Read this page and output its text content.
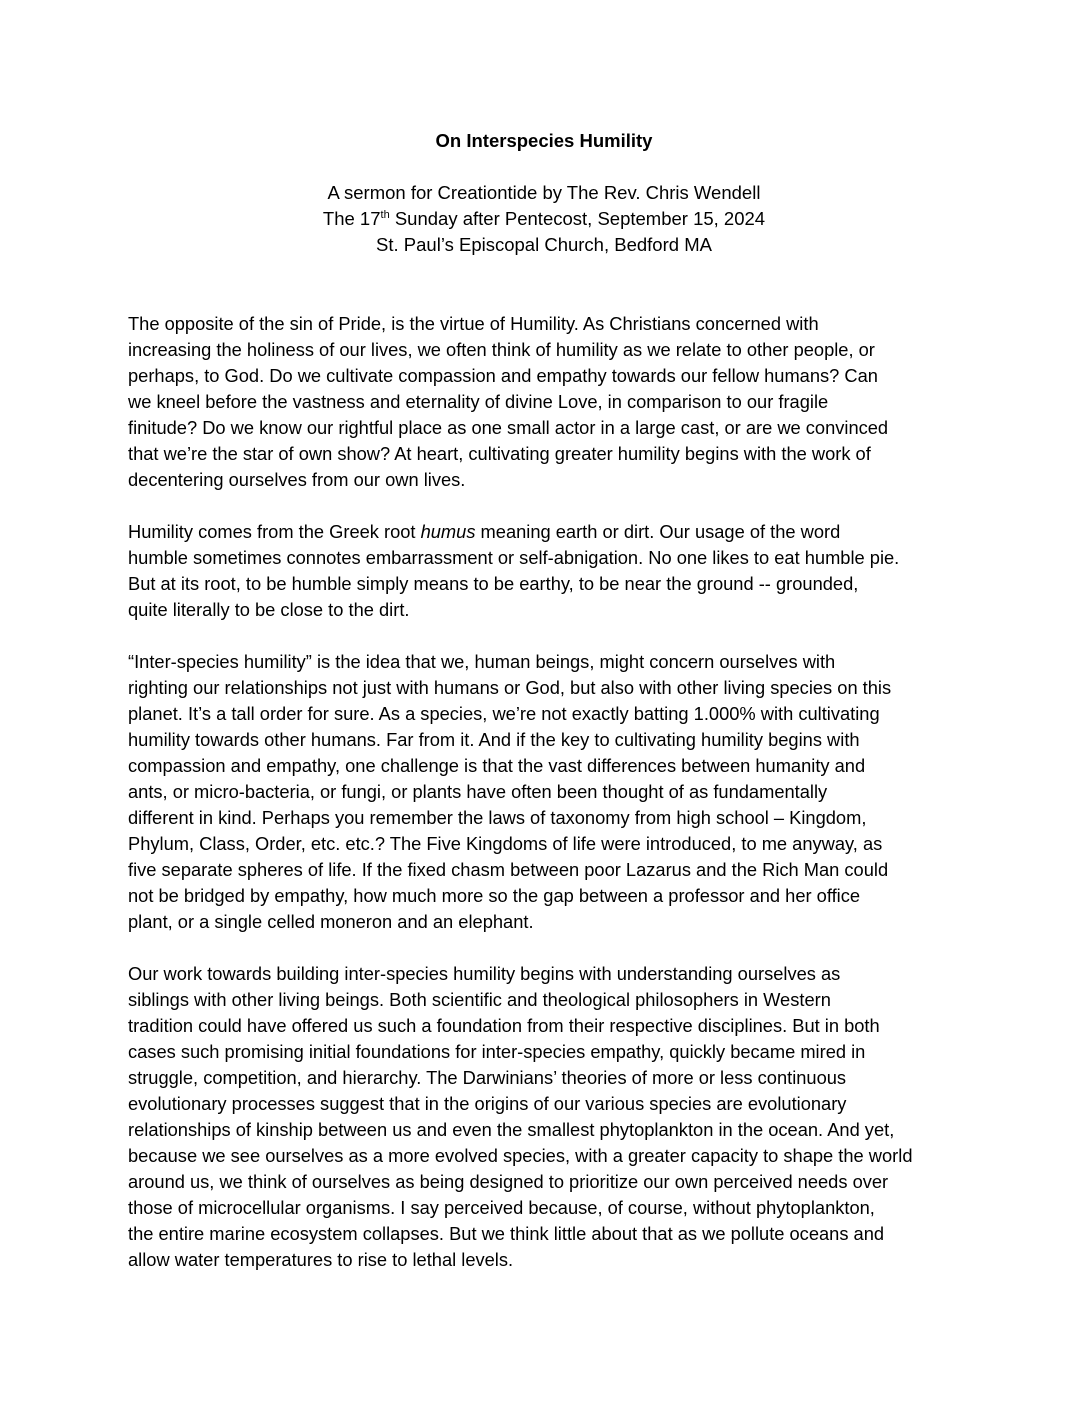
On Interspecies Humility

A sermon for Creationtide by The Rev. Chris Wendell
The 17th Sunday after Pentecost, September 15, 2024
St. Paul’s Episcopal Church, Bedford MA

The opposite of the sin of Pride, is the virtue of Humility. As Christians concerned with
increasing the holiness of our lives, we often think of humility as we relate to other people, or
perhaps, to God. Do we cultivate compassion and empathy towards our fellow humans? Can
we kneel before the vastness and eternality of divine Love, in comparison to our fragile
finitude? Do we know our rightful place as one small actor in a large cast, or are we convinced
that we’re the star of own show? At heart, cultivating greater humility begins with the work of
decentering ourselves from our own lives.

Humility comes from the Greek root humus meaning earth or dirt. Our usage of the word
humble sometimes connotes embarrassment or self-abnigation. No one likes to eat humble pie.
But at its root, to be humble simply means to be earthy, to be near the ground -- grounded,
quite literally to be close to the dirt.

“Inter-species humility” is the idea that we, human beings, might concern ourselves with
righting our relationships not just with humans or God, but also with other living species on this
planet. It’s a tall order for sure. As a species, we’re not exactly batting 1.000% with cultivating
humility towards other humans. Far from it. And if the key to cultivating humility begins with
compassion and empathy, one challenge is that the vast differences between humanity and
ants, or micro-bacteria, or fungi, or plants have often been thought of as fundamentally
different in kind. Perhaps you remember the laws of taxonomy from high school – Kingdom,
Phylum, Class, Order, etc. etc.? The Five Kingdoms of life were introduced, to me anyway, as
five separate spheres of life. If the fixed chasm between poor Lazarus and the Rich Man could
not be bridged by empathy, how much more so the gap between a professor and her office
plant, or a single celled moneron and an elephant.

Our work towards building inter-species humility begins with understanding ourselves as
siblings with other living beings. Both scientific and theological philosophers in Western
tradition could have offered us such a foundation from their respective disciplines. But in both
cases such promising initial foundations for inter-species empathy, quickly became mired in
struggle, competition, and hierarchy. The Darwinians’ theories of more or less continuous
evolutionary processes suggest that in the origins of our various species are evolutionary
relationships of kinship between us and even the smallest phytoplankton in the ocean. And yet,
because we see ourselves as a more evolved species, with a greater capacity to shape the world
around us, we think of ourselves as being designed to prioritize our own perceived needs over
those of microcellular organisms. I say perceived because, of course, without phytoplankton,
the entire marine ecosystem collapses. But we think little about that as we pollute oceans and
allow water temperatures to rise to lethal levels.
